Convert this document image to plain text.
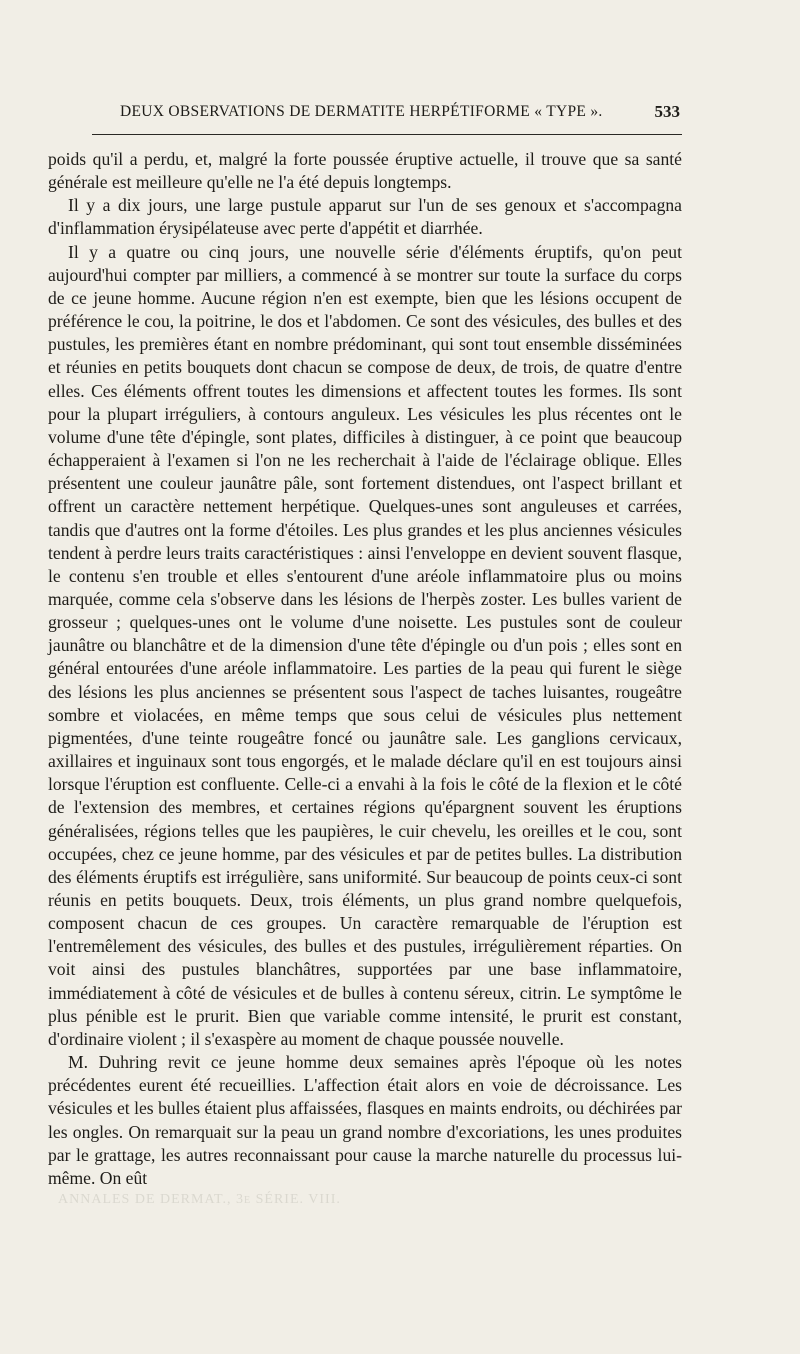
DEUX OBSERVATIONS DE DERMATITE HERPÉTIFORME « TYPE ».	533

poids qu'il a perdu, et, malgré la forte poussée éruptive actuelle, il trouve que sa santé générale est meilleure qu'elle ne l'a été depuis longtemps.

Il y a dix jours, une large pustule apparut sur l'un de ses genoux et s'accompagna d'inflammation érysipélateuse avec perte d'appétit et diarrhée.

Il y a quatre ou cinq jours, une nouvelle série d'éléments éruptifs, qu'on peut aujourd'hui compter par milliers, a commencé à se montrer sur toute la surface du corps de ce jeune homme. Aucune région n'en est exempte, bien que les lésions occupent de préférence le cou, la poitrine, le dos et l'abdomen. Ce sont des vésicules, des bulles et des pustules, les premières étant en nombre prédominant, qui sont tout ensemble disséminées et réunies en petits bouquets dont chacun se compose de deux, de trois, de quatre d'entre elles. Ces éléments offrent toutes les dimensions et affectent toutes les formes. Ils sont pour la plupart irréguliers, à contours anguleux. Les vésicules les plus récentes ont le volume d'une tête d'épingle, sont plates, difficiles à distinguer, à ce point que beaucoup échapperaient à l'examen si l'on ne les recherchait à l'aide de l'éclairage oblique. Elles présentent une couleur jaunâtre pâle, sont fortement distendues, ont l'aspect brillant et offrent un caractère nettement herpétique. Quelques-unes sont anguleuses et carrées, tandis que d'autres ont la forme d'étoiles. Les plus grandes et les plus anciennes vésicules tendent à perdre leurs traits caractéristiques : ainsi l'enveloppe en devient souvent flasque, le contenu s'en trouble et elles s'entourent d'une aréole inflammatoire plus ou moins marquée, comme cela s'observe dans les lésions de l'herpès zoster. Les bulles varient de grosseur ; quelques-unes ont le volume d'une noisette. Les pustules sont de couleur jaunâtre ou blanchâtre et de la dimension d'une tête d'épingle ou d'un pois ; elles sont en général entourées d'une aréole inflammatoire. Les parties de la peau qui furent le siège des lésions les plus anciennes se présentent sous l'aspect de taches luisantes, rougeâtre sombre et violacées, en même temps que sous celui de vésicules plus nettement pigmentées, d'une teinte rougeâtre foncé ou jaunâtre sale. Les ganglions cervicaux, axillaires et inguinaux sont tous engorgés, et le malade déclare qu'il en est toujours ainsi lorsque l'éruption est confluente. Celle-ci a envahi à la fois le côté de la flexion et le côté de l'extension des membres, et certaines régions qu'épargnent souvent les éruptions généralisées, régions telles que les paupières, le cuir chevelu, les oreilles et le cou, sont occupées, chez ce jeune homme, par des vésicules et par de petites bulles. La distribution des éléments éruptifs est irrégulière, sans uniformité. Sur beaucoup de points ceux-ci sont réunis en petits bouquets. Deux, trois éléments, un plus grand nombre quelquefois, composent chacun de ces groupes. Un caractère remarquable de l'éruption est l'entremêlement des vésicules, des bulles et des pustules, irrégulièrement réparties. On voit ainsi des pustules blanchâtres, supportées par une base inflammatoire, immédiatement à côté de vésicules et de bulles à contenu séreux, citrin. Le symptôme le plus pénible est le prurit. Bien que variable comme intensité, le prurit est constant, d'ordinaire violent ; il s'exaspère au moment de chaque poussée nouvelle.

M. Duhring revit ce jeune homme deux semaines après l'époque où les notes précédentes eurent été recueillies. L'affection était alors en voie de décroissance. Les vésicules et les bulles étaient plus affaissées, flasques en maints endroits, ou déchirées par les ongles. On remarquait sur la peau un grand nombre d'excoriations, les unes produites par le grattage, les autres reconnaissant pour cause la marche naturelle du processus lui-même. On eût

ANNALES DE DERMAT., 3e SÉRIE. VIII.
